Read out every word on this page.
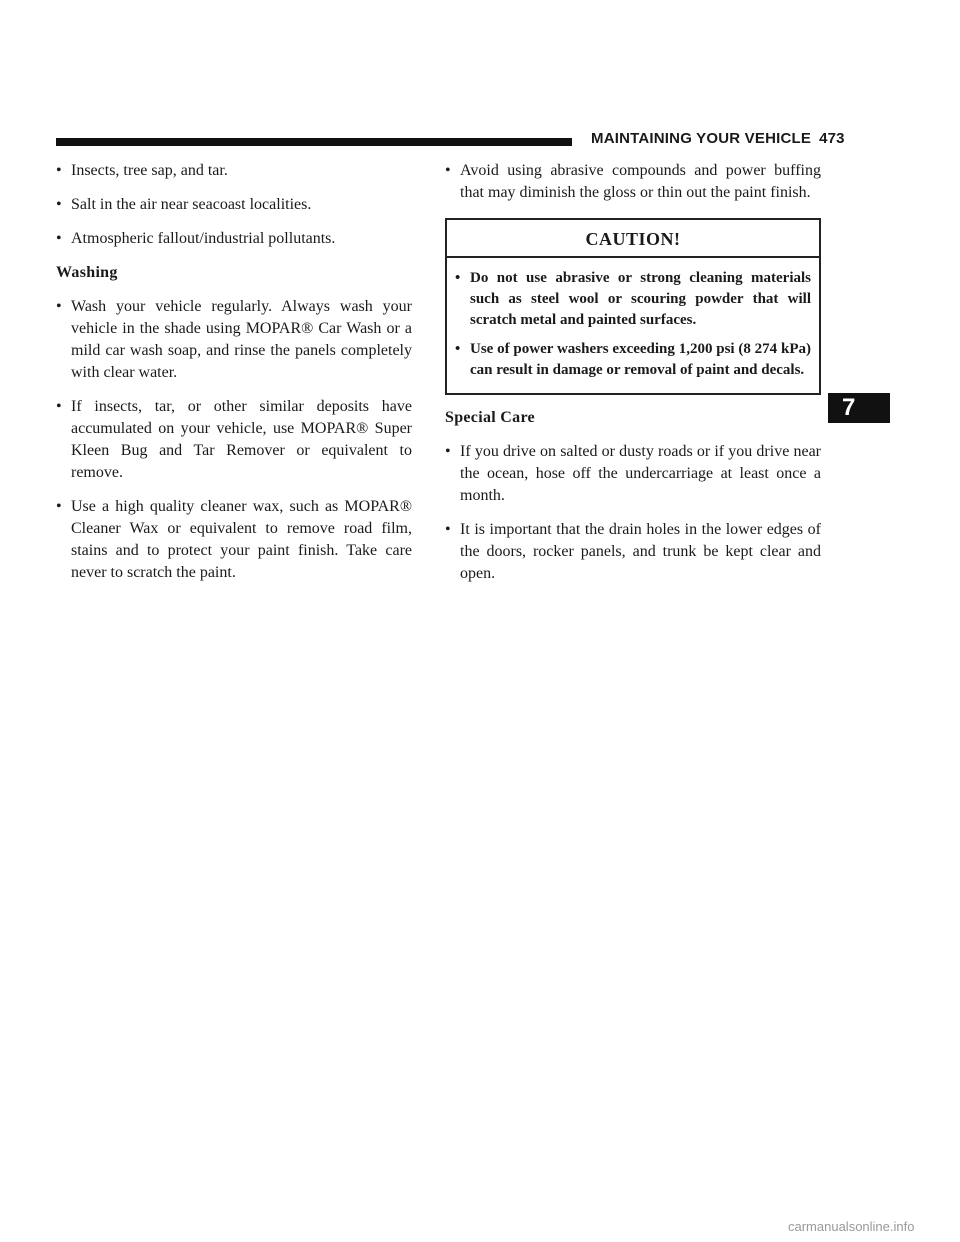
MAINTAINING YOUR VEHICLE 473
• Insects, tree sap, and tar.
• Salt in the air near seacoast localities.
• Atmospheric fallout/industrial pollutants.
Washing
• Wash your vehicle regularly. Always wash your vehicle in the shade using MOPAR® Car Wash or a mild car wash soap, and rinse the panels completely with clear water.
• If insects, tar, or other similar deposits have accumulated on your vehicle, use MOPAR® Super Kleen Bug and Tar Remover or equivalent to remove.
• Use a high quality cleaner wax, such as MOPAR® Cleaner Wax or equivalent to remove road film, stains and to protect your paint finish. Take care never to scratch the paint.
• Avoid using abrasive compounds and power buffing that may diminish the gloss or thin out the paint finish.
CAUTION!
• Do not use abrasive or strong cleaning materials such as steel wool or scouring powder that will scratch metal and painted surfaces.
• Use of power washers exceeding 1,200 psi (8 274 kPa) can result in damage or removal of paint and decals.
Special Care
• If you drive on salted or dusty roads or if you drive near the ocean, hose off the undercarriage at least once a month.
• It is important that the drain holes in the lower edges of the doors, rocker panels, and trunk be kept clear and open.
7
carmanualsonline.info
